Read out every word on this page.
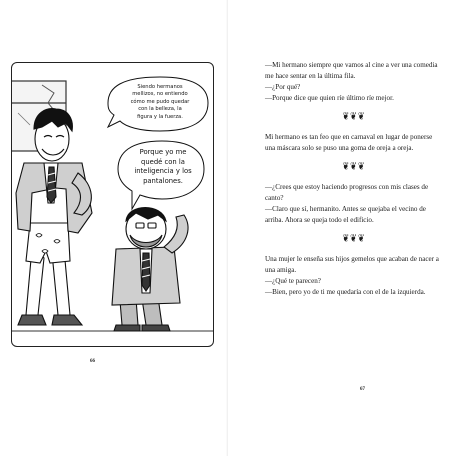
Siendo hermanos
mellizos, no entiendo
cómo me pudo quedar
con la belleza, la
figura y la fuerza.
Porque yo me
quedé con la
inteligencia y los
pantalones.
66
67

—Mi hermano siempre que vamos al cine a ver una comedia me hace sentar en la última fila.

—¿Por qué?

—Porque dice que quien ríe último ríe mejor.

❦❦❦

Mi hermano es tan feo que en carnaval en lugar de ponerse una máscara solo se puso una goma de oreja a oreja.

❦❦❦

—¿Crees que estoy haciendo progresos con mis clases de canto?

—Claro que sí, hermanito. Antes se quejaba el vecino de arriba. Ahora se queja todo el edificio.

❦❦❦

Una mujer le enseña sus hijos gemelos que acaban de nacer a una amiga.

—¿Qué te parecen?

—Bien, pero yo de ti me quedaría con el de la izquierda.
